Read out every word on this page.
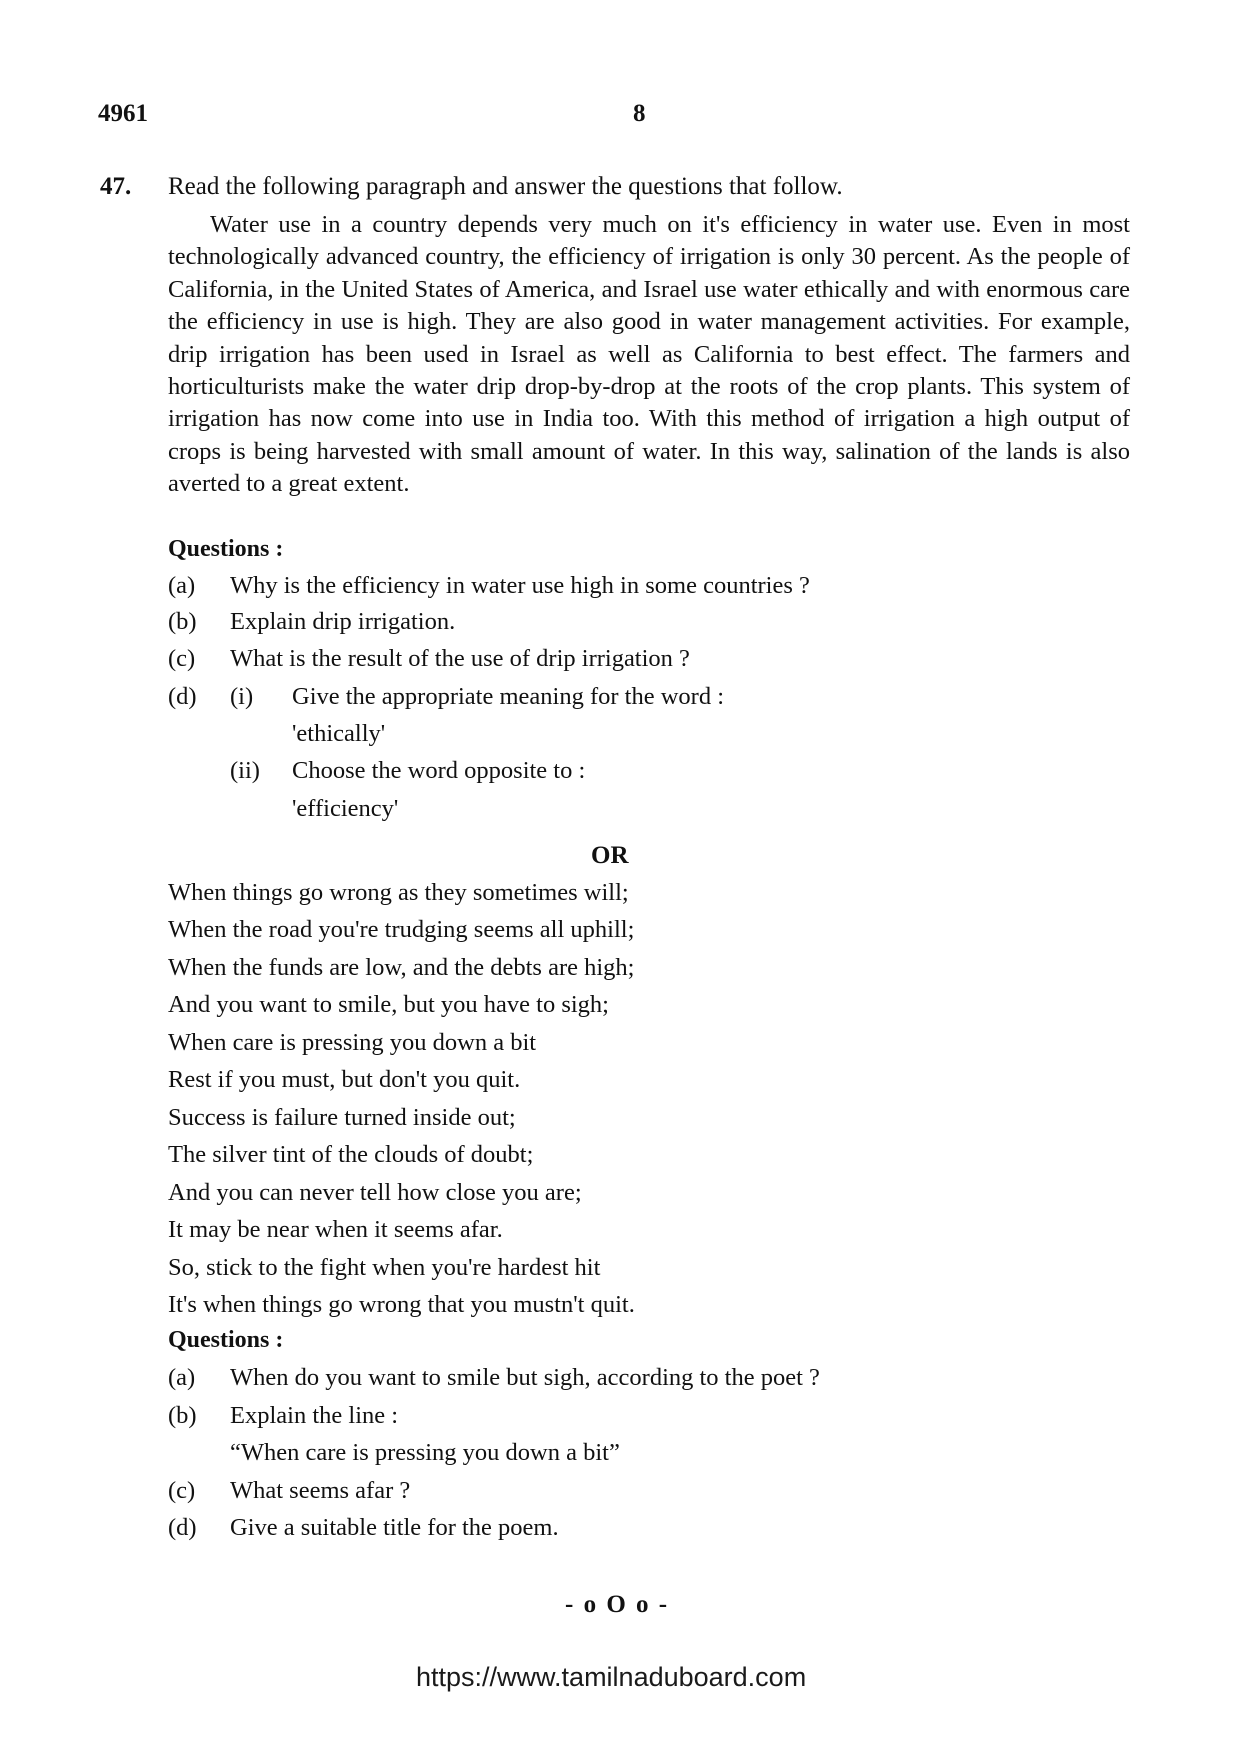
4961	8
47. Read the following paragraph and answer the questions that follow.

Water use in a country depends very much on it's efficiency in water use. Even in most technologically advanced country, the efficiency of irrigation is only 30 percent. As the people of California, in the United States of America, and Israel use water ethically and with enormous care the efficiency in use is high. They are also good in water management activities. For example, drip irrigation has been used in Israel as well as California to best effect. The farmers and horticulturists make the water drip drop-by-drop at the roots of the crop plants. This system of irrigation has now come into use in India too. With this method of irrigation a high output of crops is being harvested with small amount of water. In this way, salination of the lands is also averted to a great extent.

Questions :
(a) Why is the efficiency in water use high in some countries ?
(b) Explain drip irrigation.
(c) What is the result of the use of drip irrigation ?
(d) (i) Give the appropriate meaning for the word :
'ethically'
(ii) Choose the word opposite to :
'efficiency'
OR
When things go wrong as they sometimes will;
When the road you're trudging seems all uphill;
When the funds are low, and the debts are high;
And you want to smile, but you have to sigh;
When care is pressing you down a bit
Rest if you must, but don't you quit.
Success is failure turned inside out;
The silver tint of the clouds of doubt;
And you can never tell how close you are;
It may be near when it seems afar.
So, stick to the fight when you're hardest hit
It's when things go wrong that you mustn't quit.
Questions :
(a) When do you want to smile but sigh, according to the poet ?
(b) Explain the line :
“When care is pressing you down a bit”
(c) What seems afar ?
(d) Give a suitable title for the poem.
- o O o -
https://www.tamilnaduboard.com
